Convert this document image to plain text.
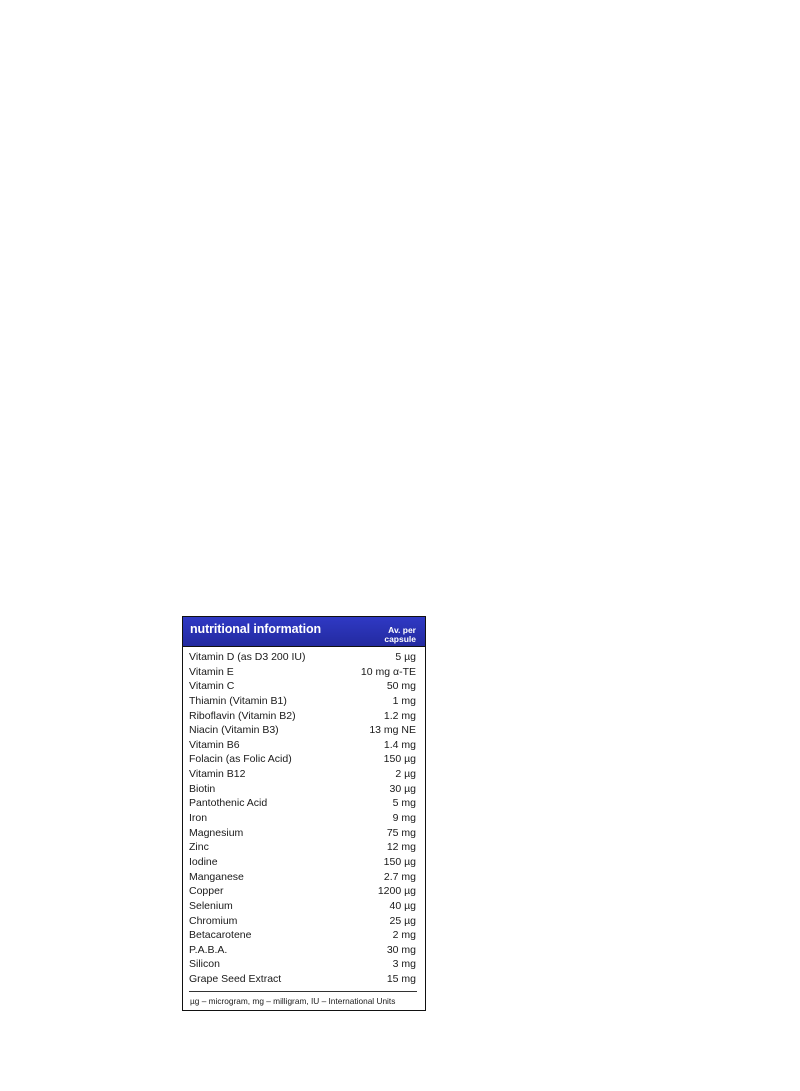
nutritional information	Av. per
capsule
Vitamin D (as D3 200 IU)	5 µg
Vitamin E	10 mg α-TE
Vitamin C	50 mg
Thiamin (Vitamin B1)	1 mg
Riboflavin (Vitamin B2)	1.2 mg
Niacin (Vitamin B3)	13 mg NE
Vitamin B6	1.4 mg
Folacin (as Folic Acid)	150 µg
Vitamin B12	2 µg
Biotin	30 µg
Pantothenic Acid	5 mg
Iron	9 mg
Magnesium	75 mg
Zinc	12 mg
Iodine	150 µg
Manganese	2.7 mg
Copper	1200 µg
Selenium	40 µg
Chromium	25 µg
Betacarotene	2 mg
P.A.B.A.	30 mg
Silicon	3 mg
Grape Seed Extract	15 mg
µg – microgram, mg – milligram, IU – International Units
